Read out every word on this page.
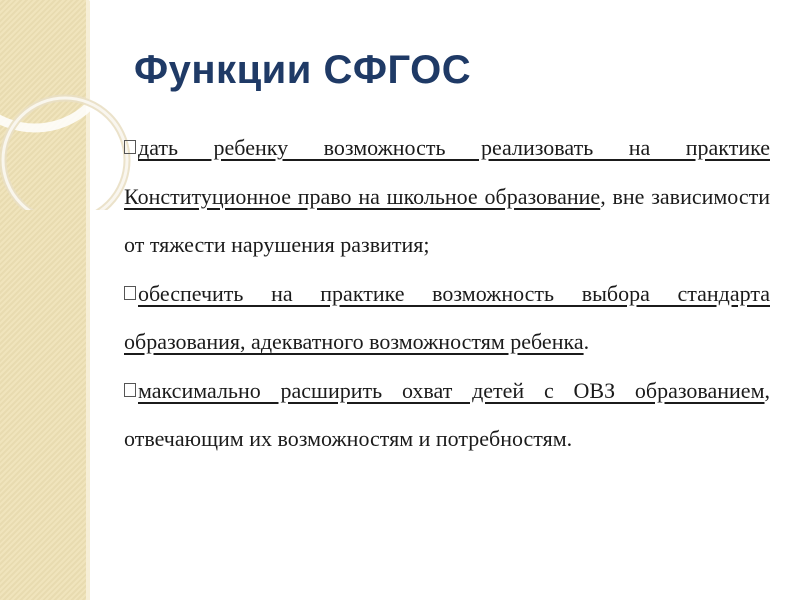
Функции СФГОС

дать ребенку возможность реализовать на практике Конституционное право на школьное образование, вне зависимости от тяжести нарушения развития;

обеспечить на практике возможность выбора стандарта образования, адекватного возможностям ребенка.

максимально расширить охват детей с ОВЗ образованием, отвечающим их возможностям и потребностям.
